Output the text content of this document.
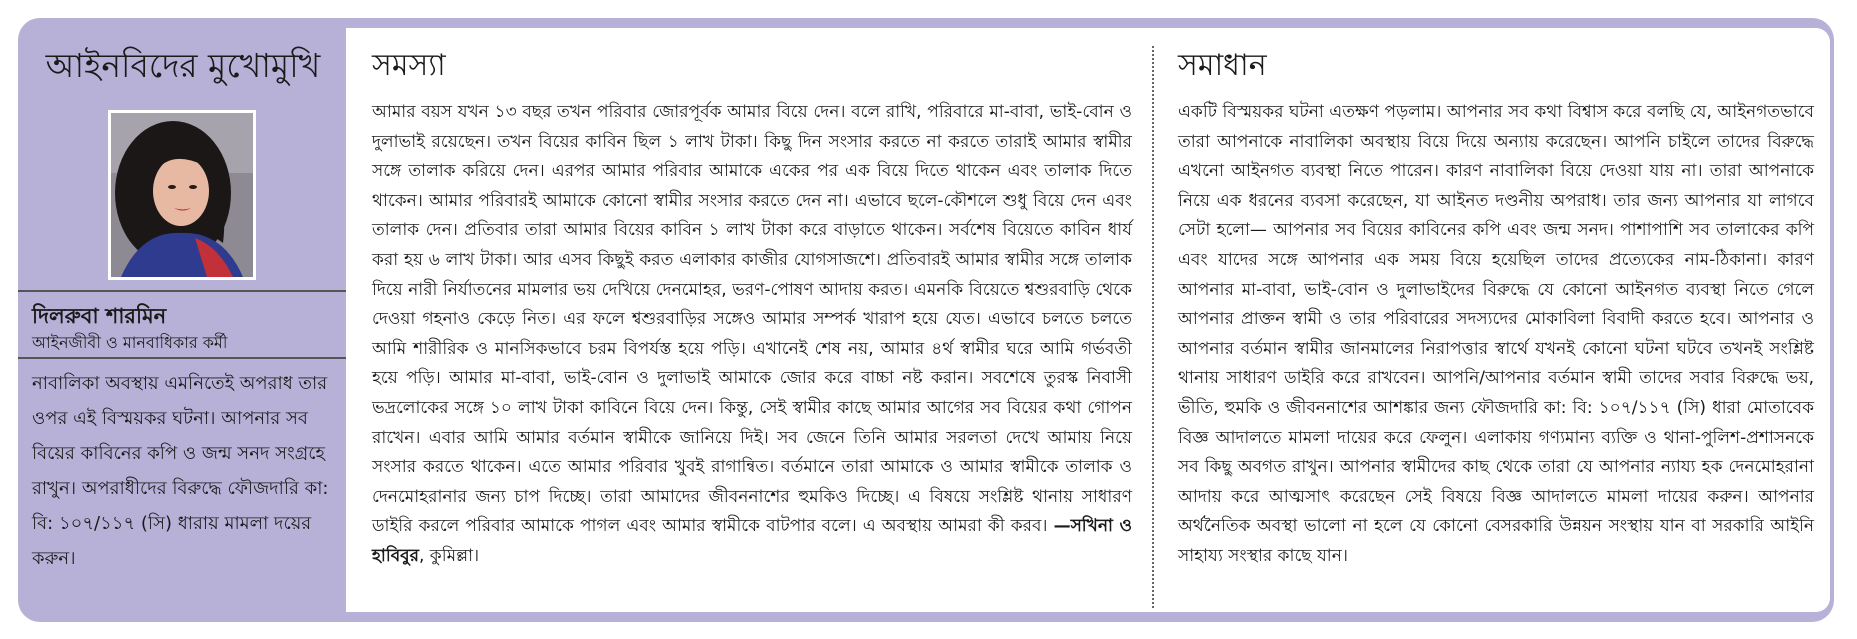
আইনবিদের মুখোমুখি
দিলরুবা শারমিন
আইনজীবী ও মানবাধিকার কর্মী
নাবালিকা অবস্থায় এমনিতেই অপরাধ তার ওপর এই বিস্ময়কর ঘটনা। আপনার সব বিয়ের কাবিনের কপি ও জন্ম সনদ সংগ্রহে রাখুন। অপরাধীদের বিরুদ্ধে ফৌজদারি কা: বি: ১০৭/১১৭ (সি) ধারায় মামলা দয়ের করুন।
সমস্যা

আমার বয়স যখন ১৩ বছর তখন পরিবার জোরপূর্বক আমার বিয়ে দেন। বলে রাখি, পরিবারে মা-বাবা, ভাই-বোন ও দুলাভাই রয়েছেন। তখন বিয়ের কাবিন ছিল ১ লাখ টাকা। কিছু দিন সংসার করতে না করতে তারাই আমার স্বামীর সঙ্গে তালাক করিয়ে দেন। এরপর আমার পরিবার আমাকে একের পর এক বিয়ে দিতে থাকেন এবং তালাক দিতে থাকেন। আমার পরিবারই আমাকে কোনো স্বামীর সংসার করতে দেন না। এভাবে ছলে-কৌশলে শুধু বিয়ে দেন এবং তালাক দেন। প্রতিবার তারা আমার বিয়ের কাবিন ১ লাখ টাকা করে বাড়াতে থাকেন। সর্বশেষ বিয়েতে কাবিন ধার্য করা হয় ৬ লাখ টাকা। আর এসব কিছুই করত এলাকার কাজীর যোগসাজশে। প্রতিবারই আমার স্বামীর সঙ্গে তালাক দিয়ে নারী নির্যাতনের মামলার ভয় দেখিয়ে দেনমোহর, ভরণ-পোষণ আদায় করত। এমনকি বিয়েতে শ্বশুরবাড়ি থেকে দেওয়া গহনাও কেড়ে নিত। এর ফলে শ্বশুরবাড়ির সঙ্গেও আমার সম্পর্ক খারাপ হয়ে যেত। এভাবে চলতে চলতে আমি শারীরিক ও মানসিকভাবে চরম বিপর্যস্ত হয়ে পড়ি। এখানেই শেষ নয়, আমার ৪র্থ স্বামীর ঘরে আমি গর্ভবতী হয়ে পড়ি। আমার মা-বাবা, ভাই-বোন ও দুলাভাই আমাকে জোর করে বাচ্চা নষ্ট করান। সবশেষে তুরস্ক নিবাসী ভদ্রলোকের সঙ্গে ১০ লাখ টাকা কাবিনে বিয়ে দেন। কিন্তু, সেই স্বামীর কাছে আমার আগের সব বিয়ের কথা গোপন রাখেন। এবার আমি আমার বর্তমান স্বামীকে জানিয়ে দিই। সব জেনে তিনি আমার সরলতা দেখে আমায় নিয়ে সংসার করতে থাকেন। এতে আমার পরিবার খুবই রাগান্বিত। বর্তমানে তারা আমাকে ও আমার স্বামীকে তালাক ও দেনমোহরানার জন্য চাপ দিচ্ছে। তারা আমাদের জীবননাশের হুমকিও দিচ্ছে। এ বিষয়ে সংশ্লিষ্ট থানায় সাধারণ ডাইরি করলে পরিবার আমাকে পাগল এবং আমার স্বামীকে বাটপার বলে। এ অবস্থায় আমরা কী করব। —সখিনা ও হাবিবুর, কুমিল্লা।

সমাধান

একটি বিস্ময়কর ঘটনা এতক্ষণ পড়লাম। আপনার সব কথা বিশ্বাস করে বলছি যে, আইনগতভাবে তারা আপনাকে নাবালিকা অবস্থায় বিয়ে দিয়ে অন্যায় করেছেন। আপনি চাইলে তাদের বিরুদ্ধে এখনো আইনগত ব্যবস্থা নিতে পারেন। কারণ নাবালিকা বিয়ে দেওয়া যায় না। তারা আপনাকে নিয়ে এক ধরনের ব্যবসা করেছেন, যা আইনত দণ্ডনীয় অপরাধ। তার জন্য আপনার যা লাগবে সেটা হলো— আপনার সব বিয়ের কাবিনের কপি এবং জন্ম সনদ। পাশাপাশি সব তালাকের কপি এবং যাদের সঙ্গে আপনার এক সময় বিয়ে হয়েছিল তাদের প্রত্যেকের নাম-ঠিকানা। কারণ আপনার মা-বাবা, ভাই-বোন ও দুলাভাইদের বিরুদ্ধে যে কোনো আইনগত ব্যবস্থা নিতে গেলে আপনার প্রাক্তন স্বামী ও তার পরিবারের সদস্যদের মোকাবিলা বিবাদী করতে হবে। আপনার ও আপনার বর্তমান স্বামীর জানমালের নিরাপত্তার স্বার্থে যখনই কোনো ঘটনা ঘটবে তখনই সংশ্লিষ্ট থানায় সাধারণ ডাইরি করে রাখবেন। আপনি/আপনার বর্তমান স্বামী তাদের সবার বিরুদ্ধে ভয়, ভীতি, হুমকি ও জীবননাশের আশঙ্কার জন্য ফৌজদারি কা: বি: ১০৭/১১৭ (সি) ধারা মোতাবেক বিজ্ঞ আদালতে মামলা দায়ের করে ফেলুন। এলাকায় গণ্যমান্য ব্যক্তি ও থানা-পুলিশ-প্রশাসনকে সব কিছু অবগত রাখুন। আপনার স্বামীদের কাছ থেকে তারা যে আপনার ন্যায্য হক দেনমোহরানা আদায় করে আত্মসাৎ করেছেন সেই বিষয়ে বিজ্ঞ আদালতে মামলা দায়ের করুন। আপনার অর্থনৈতিক অবস্থা ভালো না হলে যে কোনো বেসরকারি উন্নয়ন সংস্থায় যান বা সরকারি আইনি সাহায্য সংস্থার কাছে যান।
